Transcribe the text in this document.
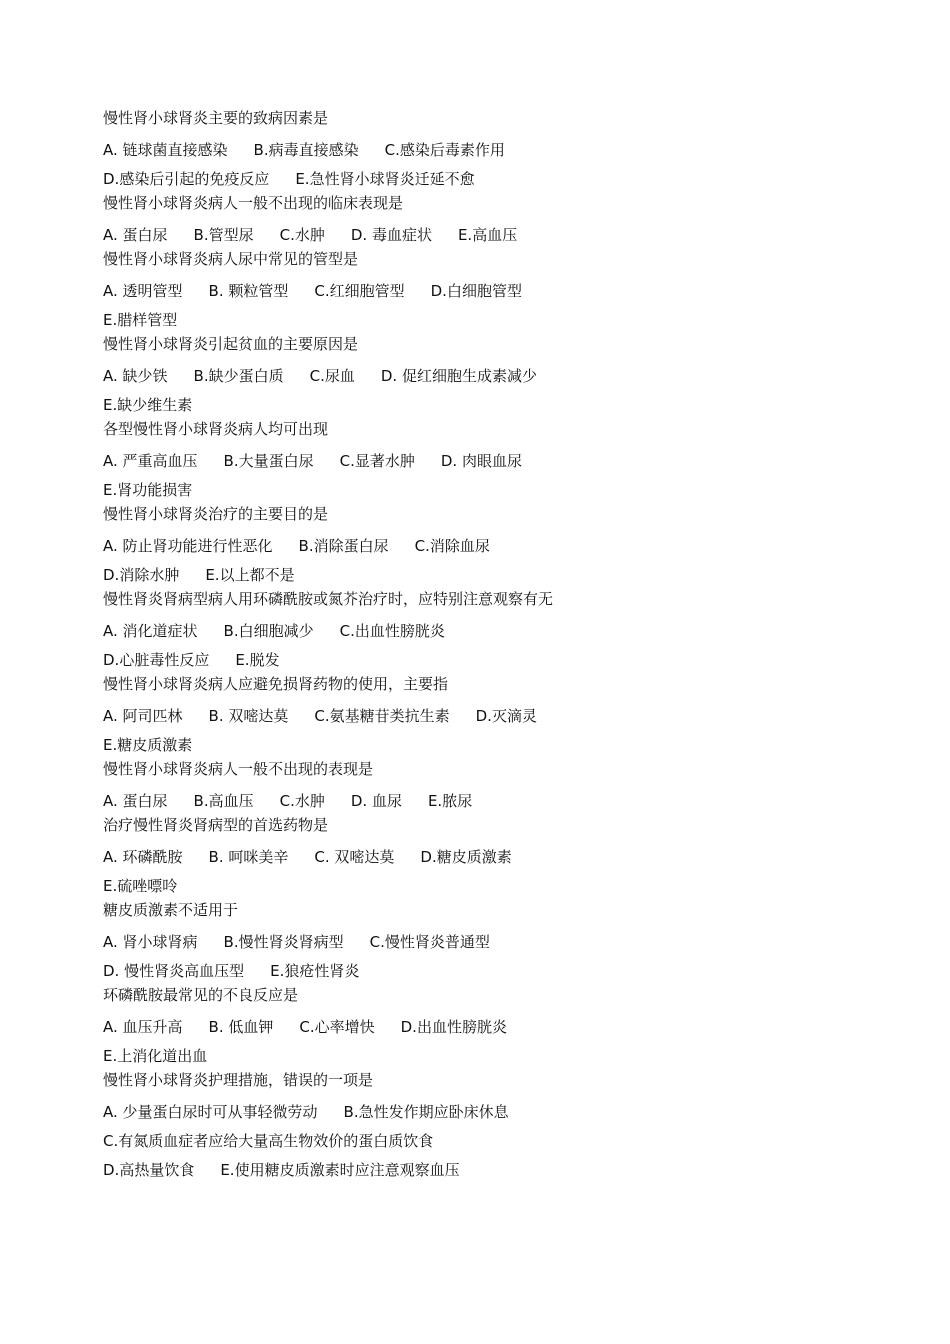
慢性肾小球肾炎主要的致病因素是

A. 链球菌直接感染 B.病毒直接感染 C.感染后毒素作用
D.感染后引起的免疫反应 E.急性肾小球肾炎迁延不愈

慢性肾小球肾炎病人一般不出现的临床表现是

A. 蛋白尿 B.管型尿 C.水肿 D. 毒血症状 E.高血压

慢性肾小球肾炎病人尿中常见的管型是

A. 透明管型 B. 颗粒管型 C.红细胞管型 D.白细胞管型
E.腊样管型

慢性肾小球肾炎引起贫血的主要原因是

A. 缺少铁 B.缺少蛋白质 C.尿血 D. 促红细胞生成素减少
E.缺少维生素

各型慢性肾小球肾炎病人均可出现

A. 严重高血压 B.大量蛋白尿 C.显著水肿 D. 肉眼血尿
E.肾功能损害

慢性肾小球肾炎治疗的主要目的是

A. 防止肾功能进行性恶化 B.消除蛋白尿 C.消除血尿
D.消除水肿 E.以上都不是

慢性肾炎肾病型病人用环磷酰胺或氮芥治疗时，应特别注意观察有无

A. 消化道症状 B.白细胞减少 C.出血性膀胱炎
D.心脏毒性反应 E.脱发

慢性肾小球肾炎病人应避免损肾药物的使用，主要指

A. 阿司匹林 B. 双嘧达莫 C.氨基糖苷类抗生素 D.灭滴灵
E.糖皮质激素

慢性肾小球肾炎病人一般不出现的表现是

A. 蛋白尿 B.高血压 C.水肿 D. 血尿 E.脓尿

治疗慢性肾炎肾病型的首选药物是

A. 环磷酰胺 B. 呵咪美辛 C. 双嘧达莫 D.糖皮质激素
E.硫唑嘌呤

糖皮质激素不适用于

A. 肾小球肾病 B.慢性肾炎肾病型 C.慢性肾炎普通型
D. 慢性肾炎高血压型 E.狼疮性肾炎

环磷酰胺最常见的不良反应是

A. 血压升高 B. 低血钾 C.心率增快 D.出血性膀胱炎
E.上消化道出血

慢性肾小球肾炎护理措施，错误的一项是

A. 少量蛋白尿时可从事轻微劳动 B.急性发作期应卧床休息
C.有氮质血症者应给大量高生物效价的蛋白质饮食
D.高热量饮食 E.使用糖皮质激素时应注意观察血压
